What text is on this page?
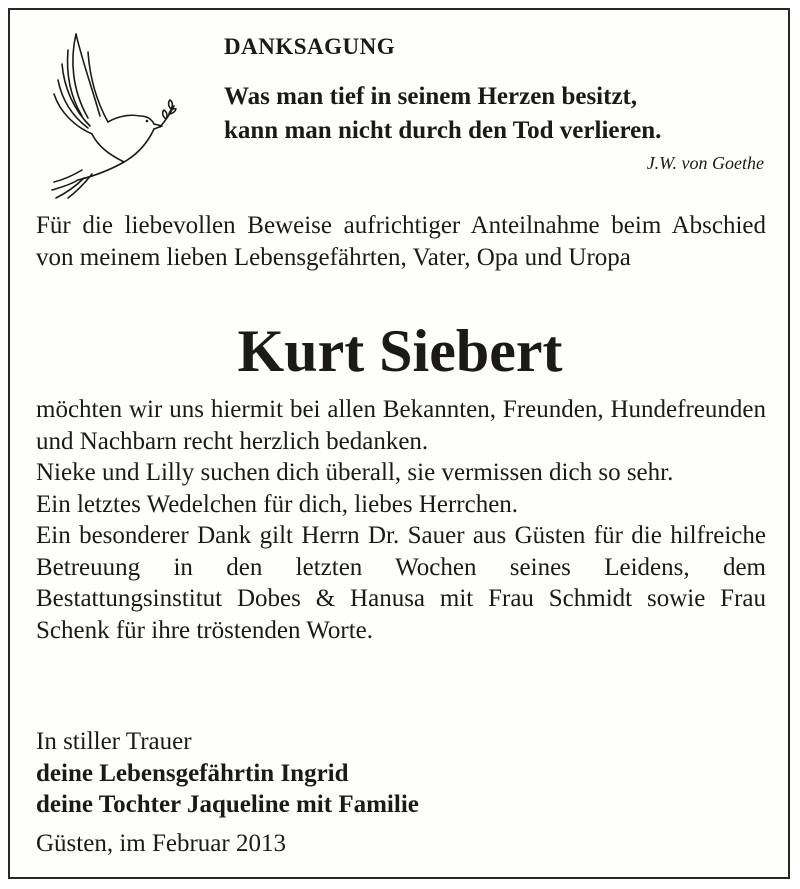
DANKSAGUNG
Was man tief in seinem Herzen besitzt,
kann man nicht durch den Tod verlieren.
J.W. von Goethe

Für die liebevollen Beweise aufrichtiger Anteilnahme beim Abschied von meinem lieben Lebensgefährten, Vater, Opa und Uropa

Kurt Siebert

möchten wir uns hiermit bei allen Bekannten, Freunden, Hundefreunden und Nachbarn recht herzlich bedanken.

Nieke und Lilly suchen dich überall, sie vermissen dich so sehr.

Ein letztes Wedelchen für dich, liebes Herrchen.

Ein besonderer Dank gilt Herrn Dr. Sauer aus Güsten für die hilfreiche Betreuung in den letzten Wochen seines Leidens, dem Bestattungsinstitut Dobes & Hanusa mit Frau Schmidt sowie Frau Schenk für ihre tröstenden Worte.

In stiller Trauer
deine Lebensgefährtin Ingrid
deine Tochter Jaqueline mit Familie
Güsten, im Februar 2013
